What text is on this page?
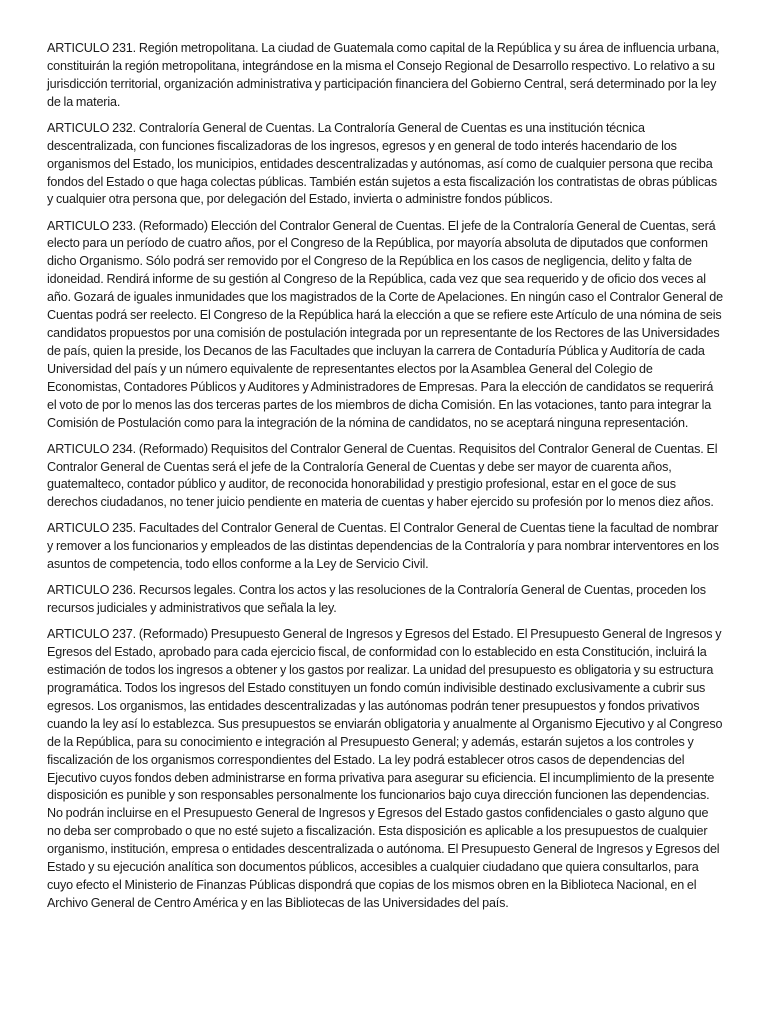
ARTICULO 231. Región metropolitana. La ciudad de Guatemala como capital de la República y su área de influencia urbana, constituirán la región metropolitana, integrándose en la misma el Consejo Regional de Desarrollo respectivo. Lo relativo a su jurisdicción territorial, organización administrativa y participación financiera del Gobierno Central, será determinado por la ley de la materia.

ARTICULO 232. Contraloría General de Cuentas. La Contraloría General de Cuentas es una institución técnica descentralizada, con funciones fiscalizadoras de los ingresos, egresos y en general de todo interés hacendario de los organismos del Estado, los municipios, entidades descentralizadas y autónomas, así como de cualquier persona que reciba fondos del Estado o que haga colectas públicas. También están sujetos a esta fiscalización los contratistas de obras públicas y cualquier otra persona que, por delegación del Estado, invierta o administre fondos públicos.

ARTICULO 233. (Reformado) Elección del Contralor General de Cuentas. El jefe de la Contraloría General de Cuentas, será electo para un período de cuatro años, por el Congreso de la República, por mayoría absoluta de diputados que conformen dicho Organismo. Sólo podrá ser removido por el Congreso de la República en los casos de negligencia, delito y falta de idoneidad. Rendirá informe de su gestión al Congreso de la República, cada vez que sea requerido y de oficio dos veces al año. Gozará de iguales inmunidades que los magistrados de la Corte de Apelaciones. En ningún caso el Contralor General de Cuentas podrá ser reelecto. El Congreso de la República hará la elección a que se refiere este Artículo de una nómina de seis candidatos propuestos por una comisión de postulación integrada por un representante de los Rectores de las Universidades de país, quien la preside, los Decanos de las Facultades que incluyan la carrera de Contaduría Pública y Auditoría de cada Universidad del país y un número equivalente de representantes electos por la Asamblea General del Colegio de Economistas, Contadores Públicos y Auditores y Administradores de Empresas. Para la elección de candidatos se requerirá el voto de por lo menos las dos terceras partes de los miembros de dicha Comisión. En las votaciones, tanto para integrar la Comisión de Postulación como para la integración de la nómina de candidatos, no se aceptará ninguna representación.

ARTICULO 234. (Reformado) Requisitos del Contralor General de Cuentas. Requisitos del Contralor General de Cuentas. El Contralor General de Cuentas será el jefe de la Contraloría General de Cuentas y debe ser mayor de cuarenta años, guatemalteco, contador público y auditor, de reconocida honorabilidad y prestigio profesional, estar en el goce de sus derechos ciudadanos, no tener juicio pendiente en materia de cuentas y haber ejercido su profesión por lo menos diez años.

ARTICULO 235. Facultades del Contralor General de Cuentas. El Contralor General de Cuentas tiene la facultad de nombrar y remover a los funcionarios y empleados de las distintas dependencias de la Contraloría y para nombrar interventores en los asuntos de competencia, todo ellos conforme a la Ley de Servicio Civil.

ARTICULO 236. Recursos legales. Contra los actos y las resoluciones de la Contraloría General de Cuentas, proceden los recursos judiciales y administrativos que señala la ley.

ARTICULO 237. (Reformado) Presupuesto General de Ingresos y Egresos del Estado. El Presupuesto General de Ingresos y Egresos del Estado, aprobado para cada ejercicio fiscal, de conformidad con lo establecido en esta Constitución, incluirá la estimación de todos los ingresos a obtener y los gastos por realizar. La unidad del presupuesto es obligatoria y su estructura programática. Todos los ingresos del Estado constituyen un fondo común indivisible destinado exclusivamente a cubrir sus egresos. Los organismos, las entidades descentralizadas y las autónomas podrán tener presupuestos y fondos privativos cuando la ley así lo establezca. Sus presupuestos se enviarán obligatoria y anualmente al Organismo Ejecutivo y al Congreso de la República, para su conocimiento e integración al Presupuesto General; y además, estarán sujetos a los controles y fiscalización de los organismos correspondientes del Estado. La ley podrá establecer otros casos de dependencias del Ejecutivo cuyos fondos deben administrarse en forma privativa para asegurar su eficiencia. El incumplimiento de la presente disposición es punible y son responsables personalmente los funcionarios bajo cuya dirección funcionen las dependencias. No podrán incluirse en el Presupuesto General de Ingresos y Egresos del Estado gastos confidenciales o gasto alguno que no deba ser comprobado o que no esté sujeto a fiscalización. Esta disposición es aplicable a los presupuestos de cualquier organismo, institución, empresa o entidades descentralizada o autónoma. El Presupuesto General de Ingresos y Egresos del Estado y su ejecución analítica son documentos públicos, accesibles a cualquier ciudadano que quiera consultarlos, para cuyo efecto el Ministerio de Finanzas Públicas dispondrá que copias de los mismos obren en la Biblioteca Nacional, en el Archivo General de Centro América y en las Bibliotecas de las Universidades del país.
